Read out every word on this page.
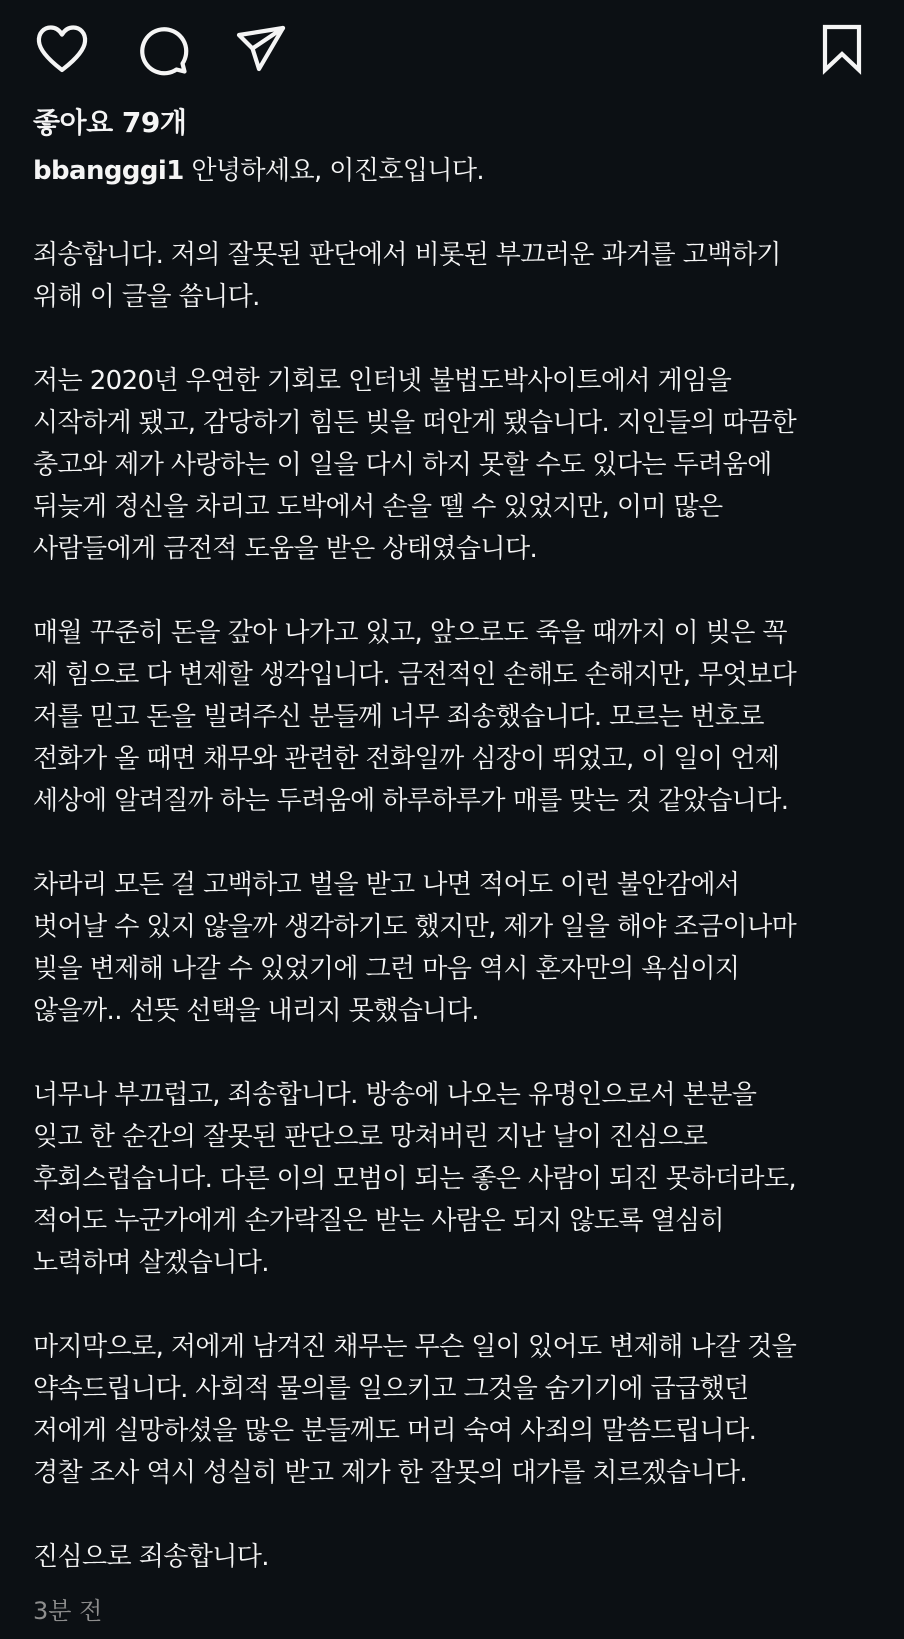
좋아요 79개

bbangggi1 안녕하세요, 이진호입니다.

죄송합니다. 저의 잘못된 판단에서 비롯된 부끄러운 과거를 고백하기
위해 이 글을 씁니다.

저는 2020년 우연한 기회로 인터넷 불법도박사이트에서 게임을
시작하게 됐고, 감당하기 힘든 빚을 떠안게 됐습니다. 지인들의 따끔한
충고와 제가 사랑하는 이 일을 다시 하지 못할 수도 있다는 두려움에
뒤늦게 정신을 차리고 도박에서 손을 뗄 수 있었지만, 이미 많은
사람들에게 금전적 도움을 받은 상태였습니다.

매월 꾸준히 돈을 갚아 나가고 있고, 앞으로도 죽을 때까지 이 빚은 꼭
제 힘으로 다 변제할 생각입니다. 금전적인 손해도 손해지만, 무엇보다
저를 믿고 돈을 빌려주신 분들께 너무 죄송했습니다. 모르는 번호로
전화가 올 때면 채무와 관련한 전화일까 심장이 뛰었고, 이 일이 언제
세상에 알려질까 하는 두려움에 하루하루가 매를 맞는 것 같았습니다.

차라리 모든 걸 고백하고 벌을 받고 나면 적어도 이런 불안감에서
벗어날 수 있지 않을까 생각하기도 했지만, 제가 일을 해야 조금이나마
빚을 변제해 나갈 수 있었기에 그런 마음 역시 혼자만의 욕심이지
않을까.. 선뜻 선택을 내리지 못했습니다.

너무나 부끄럽고, 죄송합니다. 방송에 나오는 유명인으로서 본분을
잊고 한 순간의 잘못된 판단으로 망쳐버린 지난 날이 진심으로
후회스럽습니다. 다른 이의 모범이 되는 좋은 사람이 되진 못하더라도,
적어도 누군가에게 손가락질은 받는 사람은 되지 않도록 열심히
노력하며 살겠습니다.

마지막으로, 저에게 남겨진 채무는 무슨 일이 있어도 변제해 나갈 것을
약속드립니다. 사회적 물의를 일으키고 그것을 숨기기에 급급했던
저에게 실망하셨을 많은 분들께도 머리 숙여 사죄의 말씀드립니다.
경찰 조사 역시 성실히 받고 제가 한 잘못의 대가를 치르겠습니다.

진심으로 죄송합니다.

3분 전
